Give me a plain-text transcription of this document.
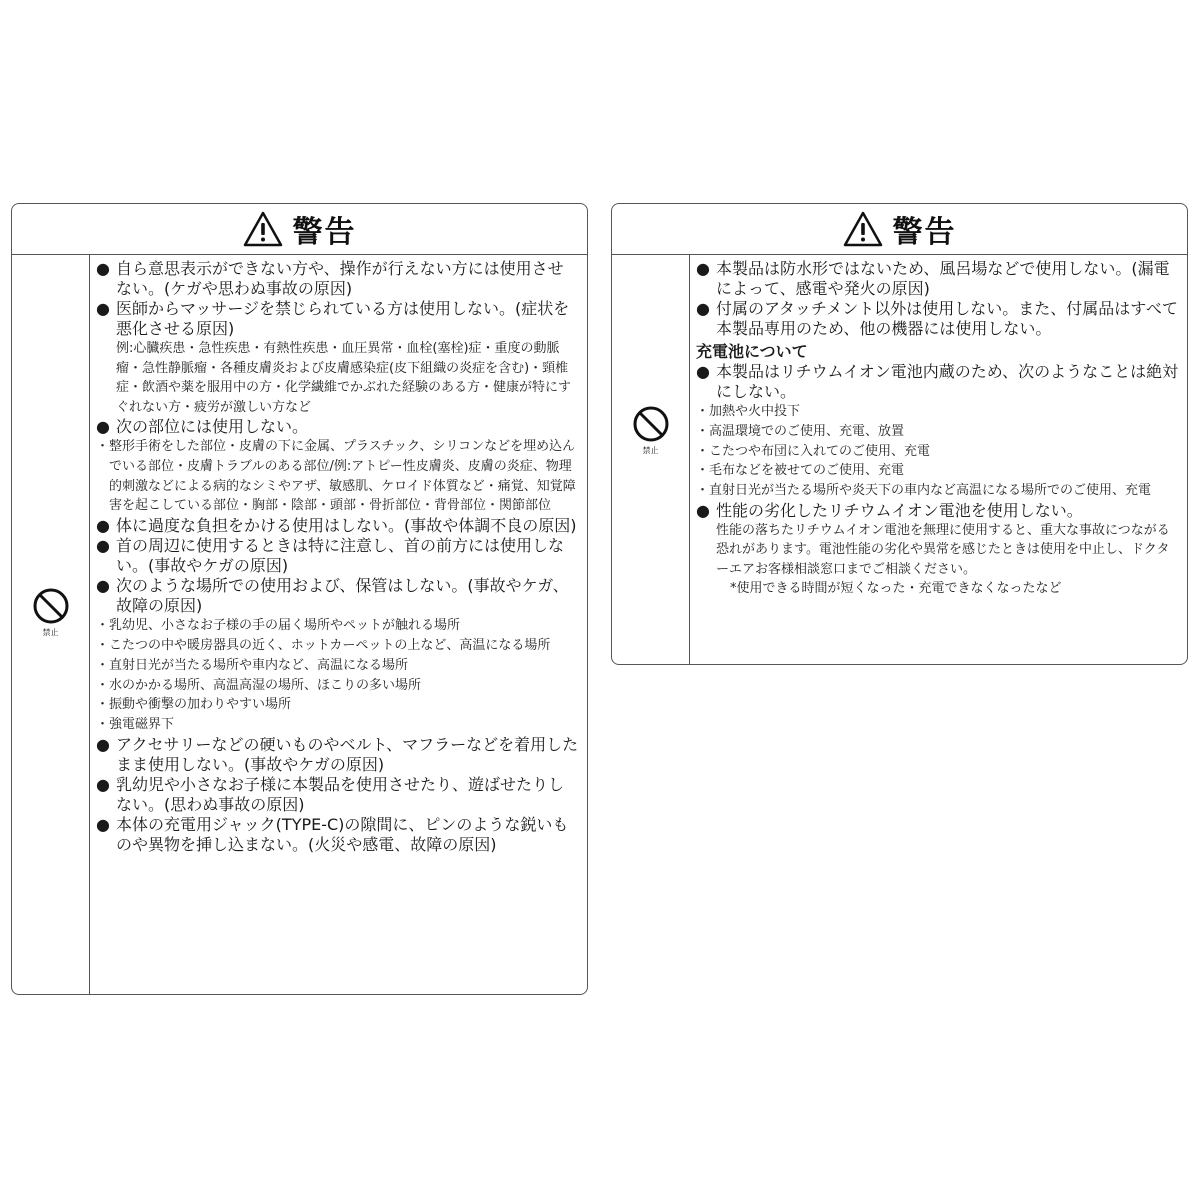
警告
禁止
● 自ら意思表示ができない方や、操作が行えない方には使用させない。(ケガや思わぬ事故の原因)
● 医師からマッサージを禁じられている方は使用しない。(症状を悪化させる原因)
例:心臓疾患・急性疾患・有熱性疾患・血圧異常・血栓(塞栓)症・重度の動脈瘤・急性静脈瘤・各種皮膚炎および皮膚感染症(皮下組織の炎症を含む)・頸椎症・飲酒や薬を服用中の方・化学繊維でかぶれた経験のある方・健康が特にすぐれない方・疲労が激しい方など
● 次の部位には使用しない。
・ 整形手術をした部位・皮膚の下に金属、プラスチック、シリコンなどを埋め込んでいる部位・皮膚トラブルのある部位/例:アトピー性皮膚炎、皮膚の炎症、物理的刺激などによる病的なシミやアザ、敏感肌、ケロイド体質など・痛覚、知覚障害を起こしている部位・胸部・陰部・頭部・骨折部位・背骨部位・関節部位
● 体に過度な負担をかける使用はしない。(事故や体調不良の原因)
● 首の周辺に使用するときは特に注意し、首の前方には使用しない。(事故やケガの原因)
● 次のような場所での使用および、保管はしない。(事故やケガ、故障の原因)
・ 乳幼児、小さなお子様の手の届く場所やペットが触れる場所
・ こたつの中や暖房器具の近く、ホットカーペットの上など、高温になる場所
・ 直射日光が当たる場所や車内など、高温になる場所
・ 水のかかる場所、高温高湿の場所、ほこりの多い場所
・ 振動や衝撃の加わりやすい場所
・ 強電磁界下
● アクセサリーなどの硬いものやベルト、マフラーなどを着用したまま使用しない。(事故やケガの原因)
● 乳幼児や小さなお子様に本製品を使用させたり、遊ばせたりしない。(思わぬ事故の原因)
● 本体の充電用ジャック(TYPE-C)の隙間に、ピンのような鋭いものや異物を挿し込まない。(火災や感電、故障の原因)
警告
禁止
● 本製品は防水形ではないため、風呂場などで使用しない。(漏電によって、感電や発火の原因)
● 付属のアタッチメント以外は使用しない。また、付属品はすべて本製品専用のため、他の機器には使用しない。
充電池について
● 本製品はリチウムイオン電池内蔵のため、次のようなことは絶対にしない。
・ 加熱や火中投下
・ 高温環境でのご使用、充電、放置
・ こたつや布団に入れてのご使用、充電
・ 毛布などを被せてのご使用、充電
・ 直射日光が当たる場所や炎天下の車内など高温になる場所でのご使用、充電
● 性能の劣化したリチウムイオン電池を使用しない。
性能の落ちたリチウムイオン電池を無理に使用すると、重大な事故につながる恐れがあります。電池性能の劣化や異常を感じたときは使用を中止し、ドクターエアお客様相談窓口までご相談ください。
*使用できる時間が短くなった・充電できなくなったなど
